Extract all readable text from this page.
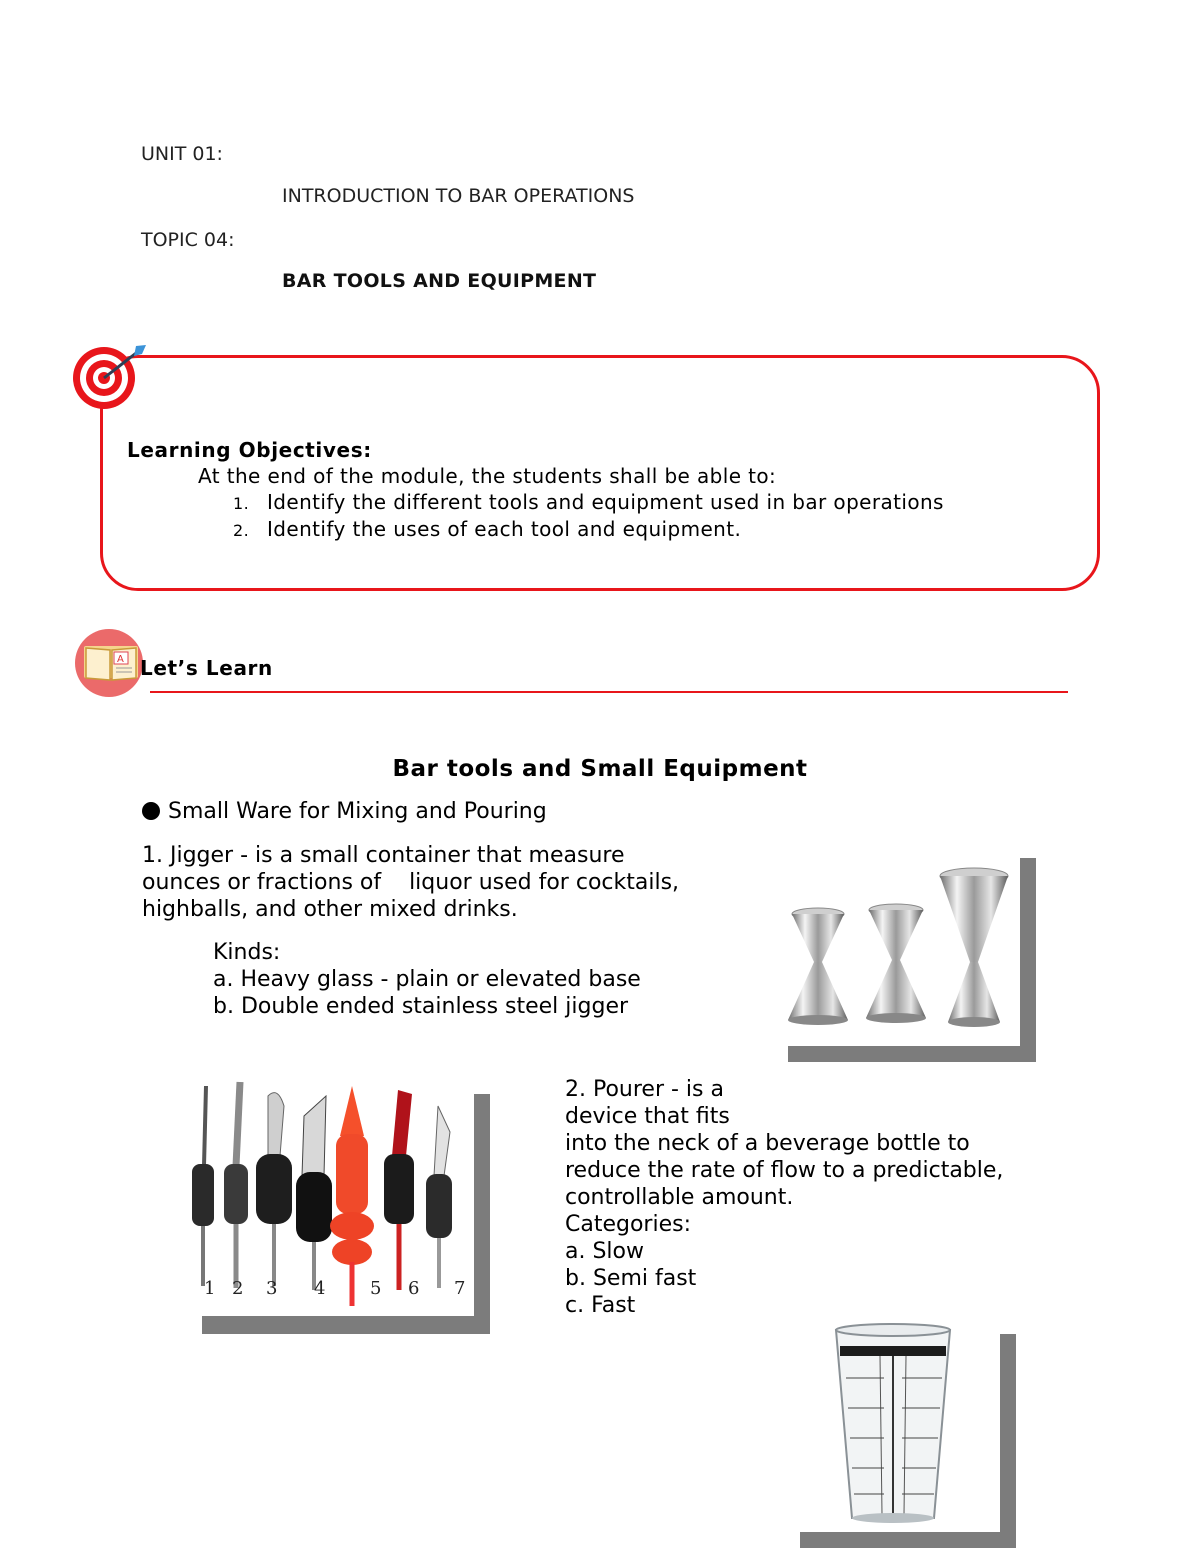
UNIT 01:
INTRODUCTION TO BAR OPERATIONS
TOPIC 04:
BAR TOOLS AND EQUIPMENT
Learning Objectives:
At the end of the module, the students shall be able to:
1. Identify the different tools and equipment used in bar operations
2. Identify the uses of each tool and equipment.
A Let’s Learn
Bar tools and Small Equipment
Small Ware for Mixing and Pouring
1. Jigger - is a small container that measure
ounces or fractions of    liquor used for cocktails,
highballs, and other mixed drinks.
Kinds:
a. Heavy glass - plain or elevated base
b. Double ended stainless steel jigger
1 2 3 4 5 6 7
2. Pourer - is a
device that fits
into the neck of a beverage bottle to
reduce the rate of flow to a predictable,
controllable amount.
Categories:
a. Slow
b. Semi fast
c. Fast
